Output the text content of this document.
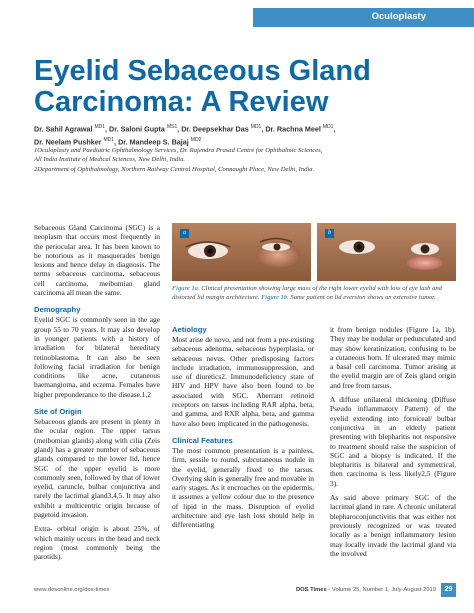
Oculoplasty
Eyelid Sebaceous Gland
Carcinoma: A Review
Dr. Sahil Agrawal $^{MD1}$, Dr. Saloni Gupta $^{MS1}$, Dr. Deepsekhar Das $^{MD1}$, Dr. Rachna Meel $^{MD1}$,
Dr. Neelam Pushker $^{MD1}$, Dr. Mandeep S. Bajaj $^{MD2}$

1Oculoplasty and Paediatric Ophthalmology Services, Dr. Rajendra Prasad Centre for Ophthalmic Sciences,

All India Institute of Medical Sciences, New Delhi, India.

2Department of Ophthalmology, Northern Railway Central Hospital, Connaught Place, New Delhi, India.

Sebaceous Gland Carcinoma (SGC) is a neoplasm that occurs most frequently in the periocular area. It has been known to be notorious as it masquerades benign lesions and hence delay in diagnosis. The terms sebaceous carcinoma, sebaceous cell carcinoma, meibomian gland carcinoma all mean the same.

Demography

Eyelid SGC is commonly seen in the age group 55 to 70 years. It may also develop in younger patients with a history of irradiation for bilateral hereditary retinoblastoma. It can also be seen following facial irradiation for benign conditions like acne, cutaneous haemangioma, and eczema. Females have higher preponderance to the disease.1,2

Site of Origin

Sebaceous glands are present in plenty in the ocular region. The upper tarsus (meibomian glands) along with cilia (Zeis gland) has a greater number of sebaceous glands compared to the lower lid, hence SGC of the upper eyelid is more commonly seen, followed by that of lower eyelid, caruncle, bulbar conjunctiva and rarely the lacrimal gland3,4,5. It may also exhibit a multicentric origin because of pagetoid invasion.

Extra- orbital origin is about 25%, of which mainly occurs in the head and neck region (most commonly being the parotids).

a	b
Figure 1a. Clinical presentation showing large mass of the right lower eyelid with loss of eye lash and distorted lid margin architecture. Figure 1b. Same patient on lid eversion shows an extensive tumor.
Aetiology

Most arise de novo, and not from a pre-existing sebaceous adenoma, sebaceous hyperplasia, or sebaceous nevus. Other predisposing factors include irradiation, immunosuppression, and use of diuretics2. Immunodeficiency state of HIV and HPV have also been found to be associated with SGC. Aberrant retinoid receptors on tarsus including RAR alpha, beta, and gamma, and RXR alpha, beta, and gamma have also been implicated in the pathogenesis.

Clinical Features

The most common presentation is a painless, firm, sessile to round, subcutaneous nodule in the eyelid, generally fixed to the tarsus. Overlying skin is generally free and movable in early stages. As it encroaches on the epidermis, it assumes a yellow colour due to the presence of lipid in the mass. Disruption of eyelid architecture and eye lash loss should help in differentiating

it from benign nodules (Figure 1a, 1b). They may be nodular or pedunculated and may show keratinization, confusing to be a cutaneous horn. If ulcerated may mimic a basal cell carcinoma. Tumor arising at the eyelid margin are of Zeis gland origin and free from tarsus.

A diffuse unilateral thickening (Diffuse Pseudo inflammatory Pattern) of the eyelid extending into forniceal/ bulbar conjunctiva in an elderly patient presenting with blepharitis not responsive to treatment should raise the suspicion of SGC and a biopsy is indicated. If the blepharitis is bilateral and symmetrical, then carcinoma is less likely2,5 (Figure 3).

As said above primary SGC of the lacrimal gland in rare. A chronic unilateral blepharoconjunctivitis that was either not previously recognized or was treated locally as a benign inflammatory lesion may locally invade the lacrimal gland via the involved

www.dosonline.org/dos-times	DOS Times - Volume 25, Number 1, July-August 2019	29
